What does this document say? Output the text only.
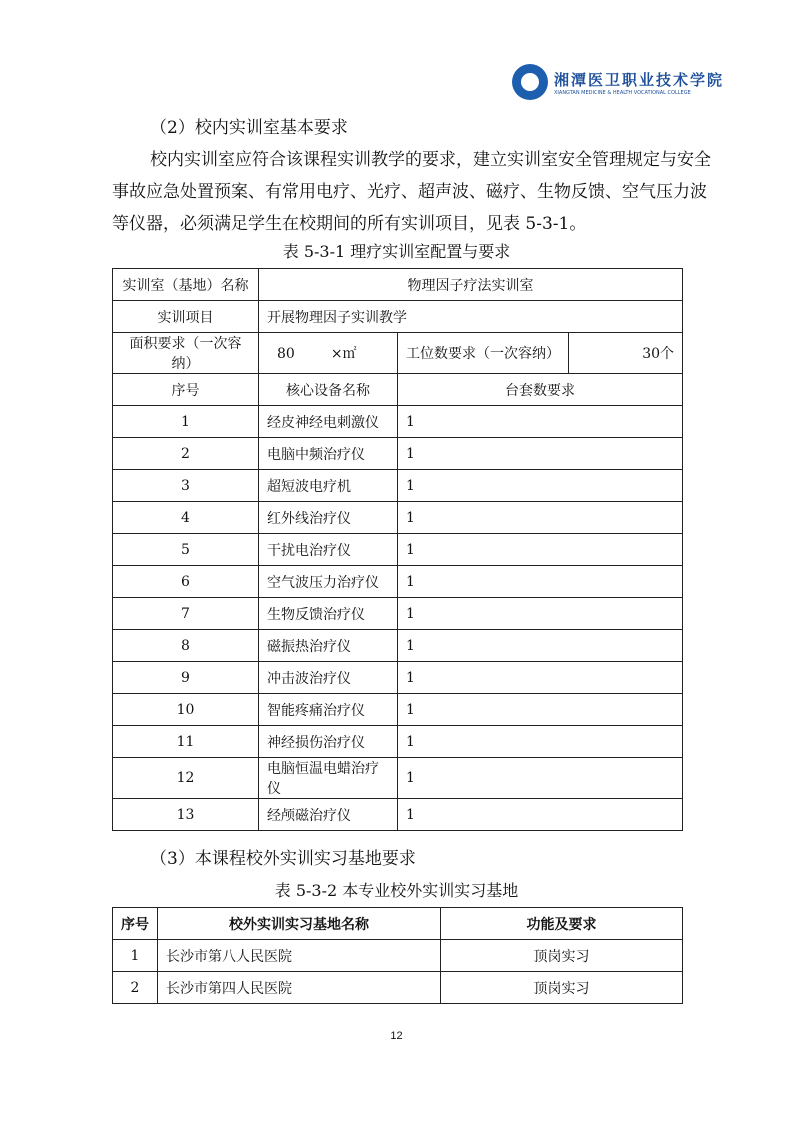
湘潭医卫职业技术学院
XIANGTAN MEDICINE & HEALTH VOCATIONAL COLLEGE
（2）校内实训室基本要求
校内实训室应符合该课程实训教学的要求，建立实训室安全管理规定与安全
事故应急处置预案、有常用电疗、光疗、超声波、磁疗、生物反馈、空气压力波
等仪器，必须满足学生在校期间的所有实训项目，见表 5-3-1。
表 5-3-1 理疗实训室配置与要求
实训室（基地）名称	物理因子疗法实训室		
实训项目	开展物理因子实训教学		
面积要求（一次容纳）	80 ×㎡	工位数要求（一次容纳）	30个
序号	核心设备名称	台套数要求	
1	经皮神经电刺激仪	1	
2	电脑中频治疗仪	1	
3	超短波电疗机	1	
4	红外线治疗仪	1	
5	干扰电治疗仪	1	
6	空气波压力治疗仪	1	
7	生物反馈治疗仪	1	
8	磁振热治疗仪	1	
9	冲击波治疗仪	1	
10	智能疼痛治疗仪	1	
11	神经损伤治疗仪	1	
12	电脑恒温电蜡治疗仪	1	
13	经颅磁治疗仪	1	
（3）本课程校外实训实习基地要求
表 5-3-2 本专业校外实训实习基地
序号	校外实训实习基地名称	功能及要求
1	长沙市第八人民医院	顶岗实习
2	长沙市第四人民医院	顶岗实习
12
